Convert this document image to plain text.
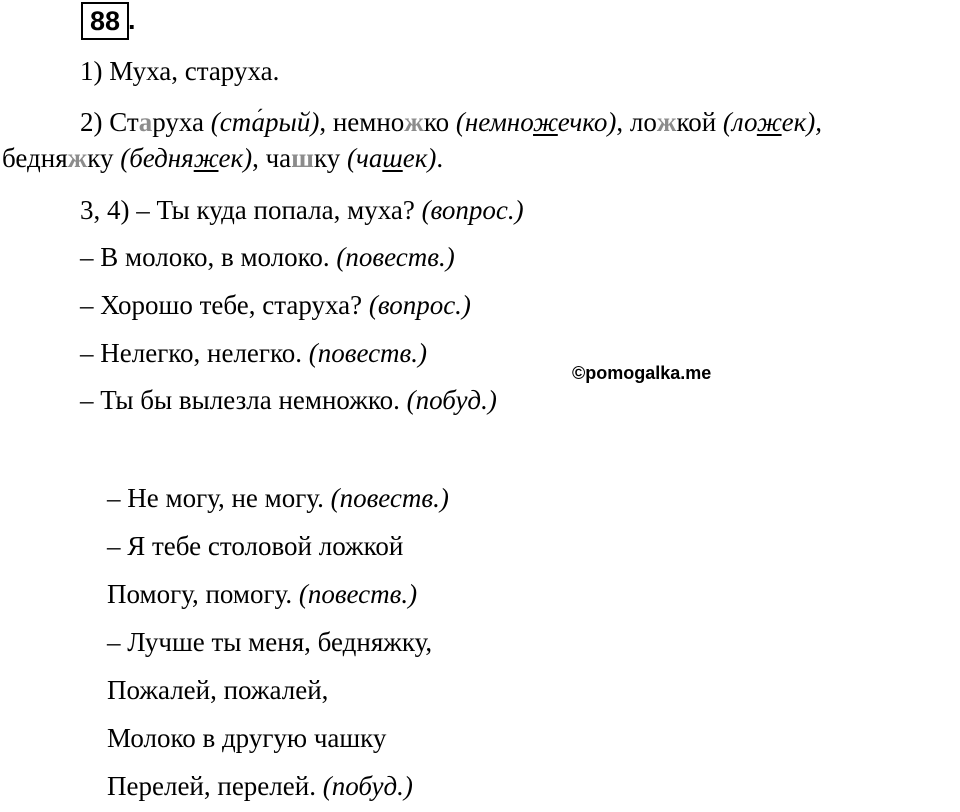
88 .
1) Муха, старуха.
2) Старуха (ста ´рый), немножко (немножечко), ложкой (ложек),
бедняжку (бедняжек), чашку (чашек).
3, 4) – Ты куда попала, муха? (вопрос.)
– В молоко, в молоко. (повеств.)
– Хорошо тебе, старуха? (вопрос.)
– Нелегко, нелегко. (повеств.)
– Ты бы вылезла немножко. (побуд.)
©pomogalka.me
– Не могу, не могу. (повеств.)
– Я тебе столовой ложкой
Помогу, помогу. (повеств.)
– Лучше ты меня, бедняжку,
Пожалей, пожалей,
Молоко в другую чашку
Перелей, перелей. (побуд.)
